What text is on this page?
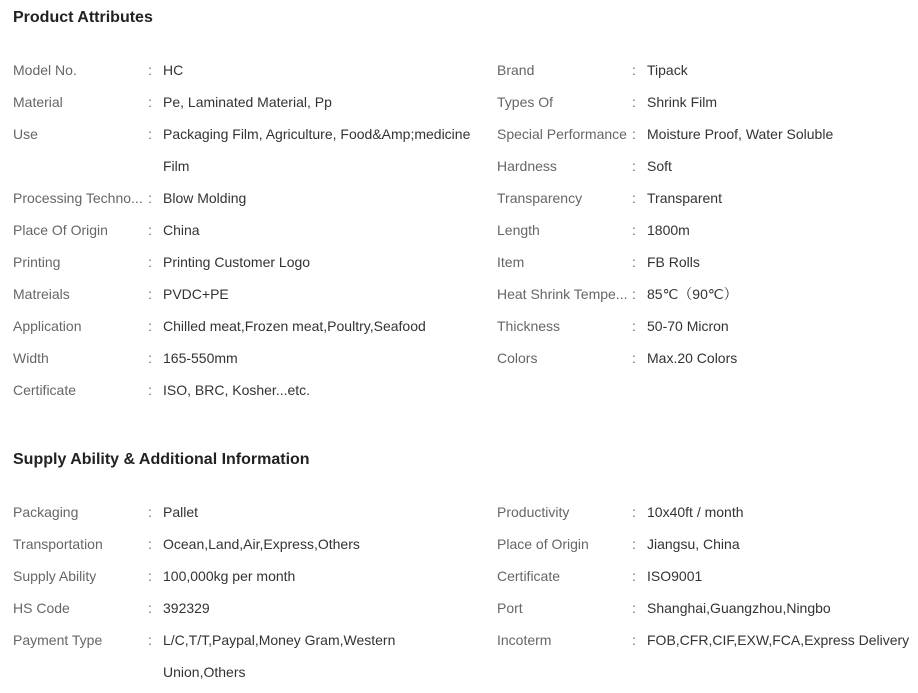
Product Attributes
Model No.	: HC
Material	: Pe, Laminated Material, Pp
Use	: Packaging Film, Agriculture, Food&Amp;medicine Film
Processing Techno... : Blow Molding
Place Of Origin	: China
Printing	: Printing Customer Logo
Matreials	: PVDC+PE
Application	: Chilled meat,Frozen meat,Poultry,Seafood
Width	: 165-550mm
Certificate	: ISO, BRC, Kosher...etc.
Brand	: Tipack
Types Of	: Shrink Film
Special Performance : Moisture Proof, Water Soluble
Hardness	: Soft
Transparency	: Transparent
Length	: 1800m
Item	: FB Rolls
Heat Shrink Tempe... : 85℃（90℃）
Thickness	: 50-70 Micron
Colors	: Max.20 Colors
Supply Ability & Additional Information
Packaging	: Pallet
Transportation	: Ocean,Land,Air,Express,Others
Supply Ability	: 100,000kg per month
HS Code	: 392329
Payment Type	: L/C,T/T,Paypal,Money Gram,Western Union,Others
Productivity	: 10x40ft / month
Place of Origin	: Jiangsu, China
Certificate	: ISO9001
Port	: Shanghai,Guangzhou,Ningbo
Incoterm	: FOB,CFR,CIF,EXW,FCA,Express Delivery
